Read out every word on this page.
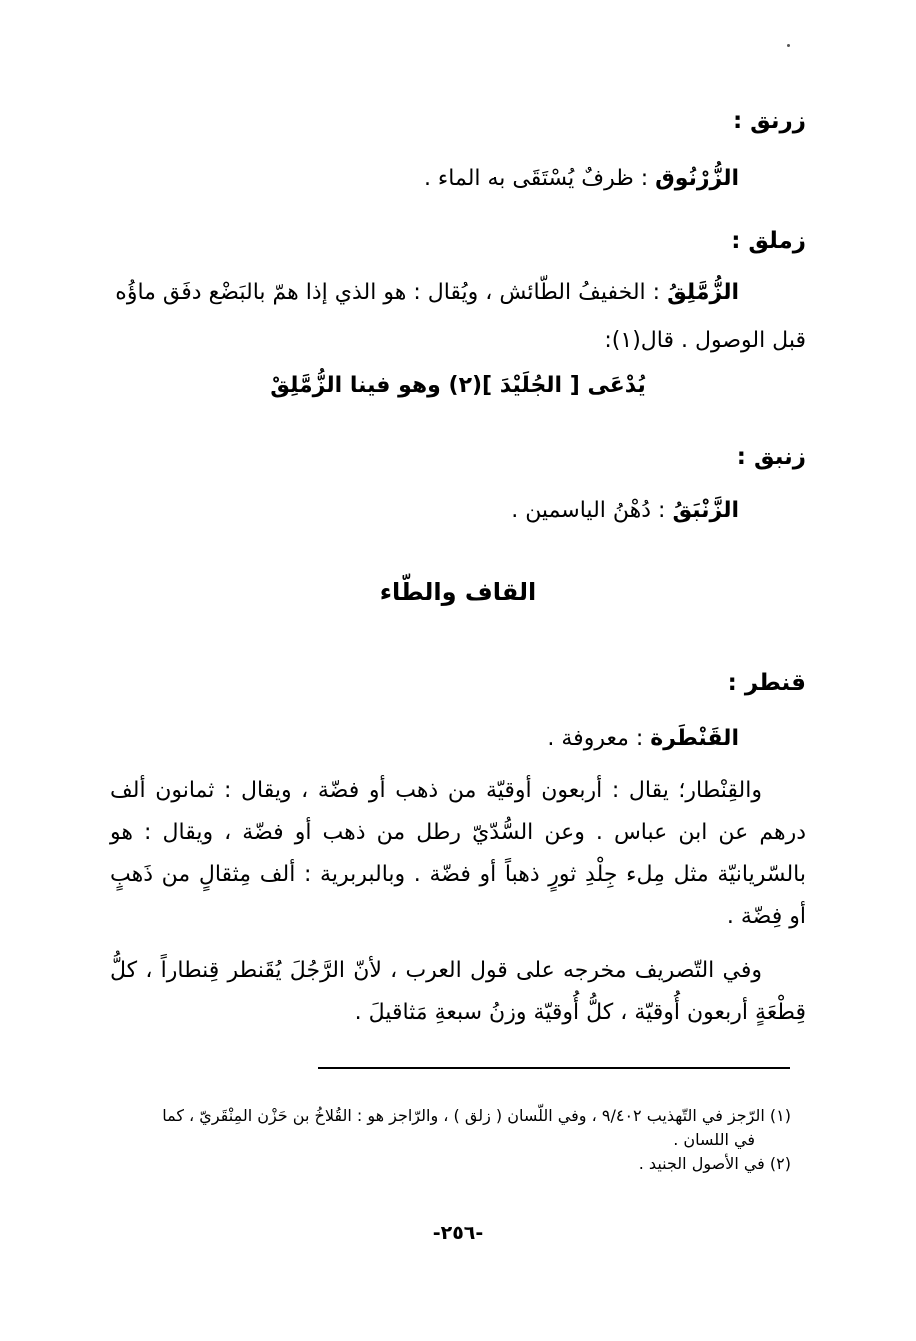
زرنق :
الزُّرْنُوق : ظرفٌ يُسْتَقَى به الماء .
زملق :
الزُّمَّلِقُ : الخفيفُ الطّائش ، ويُقال : هو الذي إذا همّ بالبَضْع دفَق ماؤُه
قبل الوصول . قال(١):
يُدْعَى [ الجُلَيْدَ ](٢) وهو فينا الزُّمَّلِقْ
زنبق :
الزَّنْبَقُ : دُهْنُ الياسمين .
القاف والطّاء
قنطر :
القَنْطَرة : معروفة .
والقِنْطار؛ يقال : أربعون أوقيّة من ذهب أو فضّة ، ويقال : ثمانون ألف درهم عن ابن عباس . وعن السُّدّيّ رطل من ذهب أو فضّة ، ويقال : هو بالسّريانيّة مثل مِلء جِلْدِ ثورٍ ذهباً أو فضّة . وبالبربرية : ألف مِثقالٍ من ذَهبٍ أو فِضّة .
وفي التّصريف مخرجه على قول العرب ، لأنّ الرَّجُلَ يُقَنطر قِنطاراً ، كلُّ قِطْعَةٍ أربعون أُوقيّة ، كلُّ أُوقيّة وزنُ سبعةِ مَثاقيلَ .
(١) الرّجز في التّهذيب ٩/٤٠٢ ، وفي اللّسان ( زلق ) ، والرّاجز هو : القُلاخُ بن حَزْن المِنْقَريّ ، كما
في اللسان .
(٢) في الأصول الجنيد .
-٢٥٦-
